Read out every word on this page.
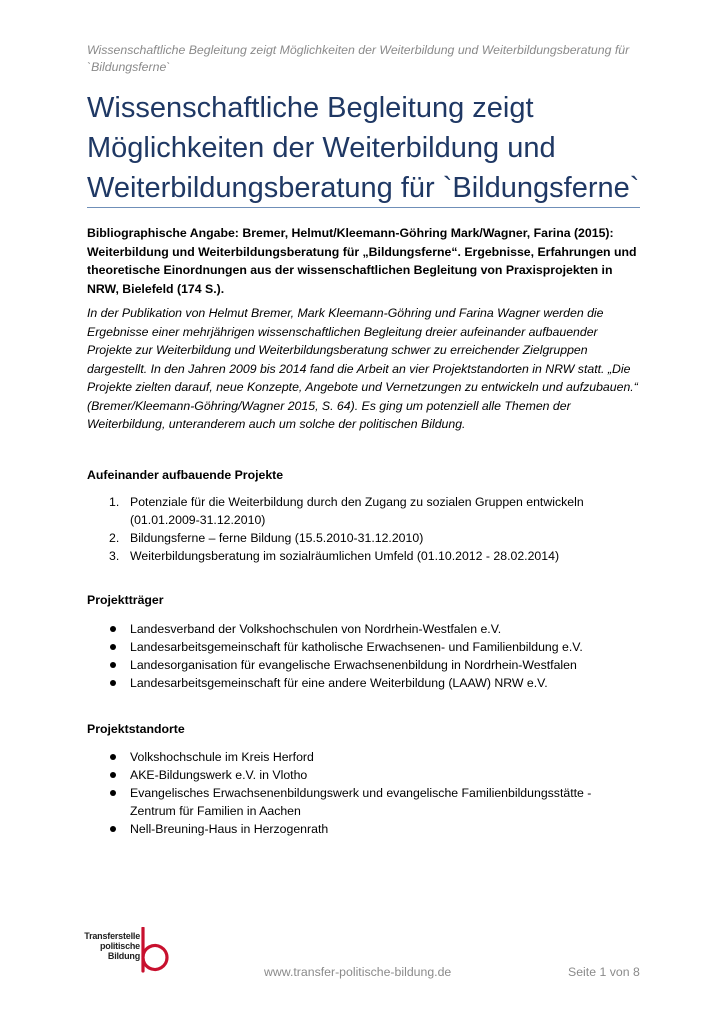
Wissenschaftliche Begleitung zeigt Möglichkeiten der Weiterbildung und Weiterbildungsberatung für `Bildungsferne`
Wissenschaftliche Begleitung zeigt Möglichkeiten der Weiterbildung und Weiterbildungsberatung für `Bildungsferne`
Bibliographische Angabe: Bremer, Helmut/Kleemann-Göhring Mark/Wagner, Farina (2015): Weiterbildung und Weiterbildungsberatung für „Bildungsferne“. Ergebnisse, Erfahrungen und theoretische Einordnungen aus der wissenschaftlichen Begleitung von Praxisprojekten in NRW, Bielefeld (174 S.).
In der Publikation von Helmut Bremer, Mark Kleemann-Göhring und Farina Wagner werden die Ergebnisse einer mehrjährigen wissenschaftlichen Begleitung dreier aufeinander aufbauender Projekte zur Weiterbildung und Weiterbildungsberatung schwer zu erreichender Zielgruppen dargestellt. In den Jahren 2009 bis 2014 fand die Arbeit an vier Projektstandorten in NRW statt. „Die Projekte zielten darauf, neue Konzepte, Angebote und Vernetzungen zu entwickeln und aufzubauen.“ (Bremer/Kleemann-Göhring/Wagner 2015, S. 64). Es ging um potenziell alle Themen der Weiterbildung, unteranderem auch um solche der politischen Bildung.
Aufeinander aufbauende Projekte
1. Potenziale für die Weiterbildung durch den Zugang zu sozialen Gruppen entwickeln (01.01.2009-31.12.2010)
2. Bildungsferne – ferne Bildung (15.5.2010-31.12.2010)
3. Weiterbildungsberatung im sozialräumlichen Umfeld (01.10.2012 - 28.02.2014)
Projektträger
Landesverband der Volkshochschulen von Nordrhein-Westfalen e.V.
Landesarbeitsgemeinschaft für katholische Erwachsenen- und Familienbildung e.V.
Landesorganisation für evangelische Erwachsenenbildung in Nordrhein-Westfalen
Landesarbeitsgemeinschaft für eine andere Weiterbildung (LAAW) NRW e.V.
Projektstandorte
Volkshochschule im Kreis Herford
AKE-Bildungswerk e.V. in Vlotho
Evangelisches Erwachsenenbildungswerk und evangelische Familienbildungsstätte - Zentrum für Familien in Aachen
Nell-Breuning-Haus in Herzogenrath
Transferstelle
politische
Bildung
www.transfer-politische-bildung.de	Seite 1 von 8
